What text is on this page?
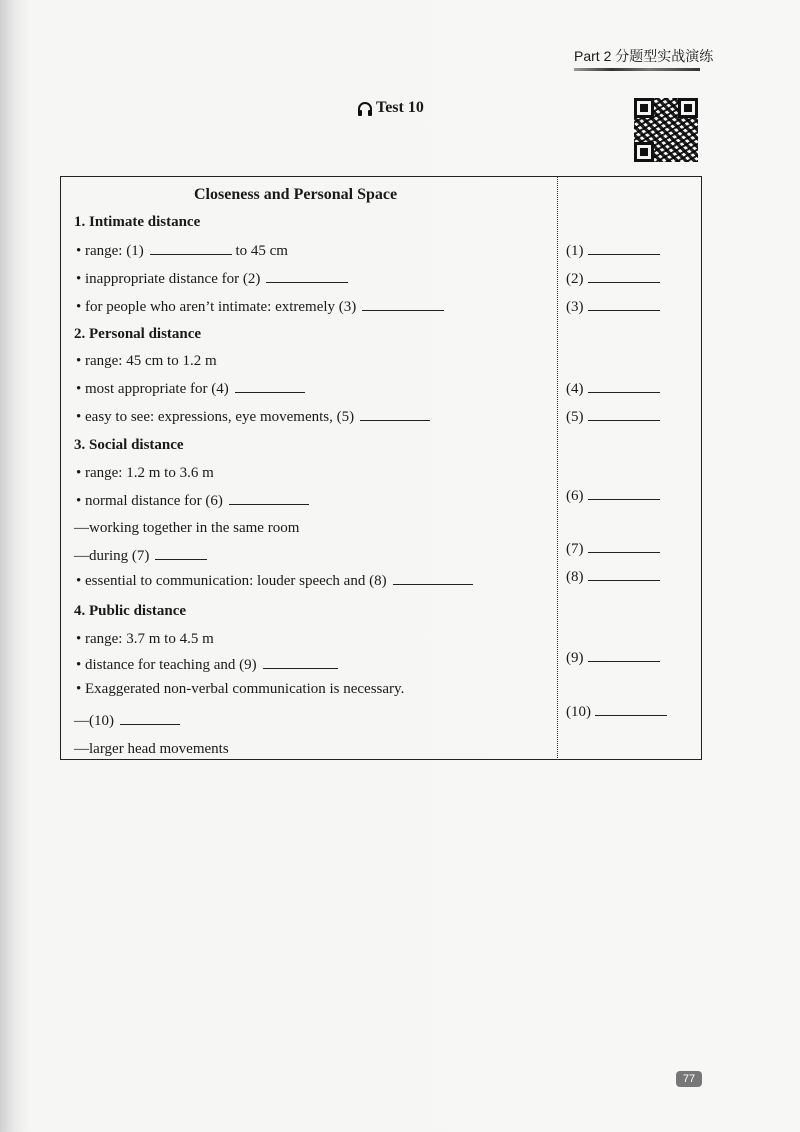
Part 2 分题型实战演练
Test 10
Closeness and Personal Space
1. Intimate distance
• range: (1)	to 45 cm
• inappropriate distance for (2)
• for people who aren’t intimate: extremely (3)
2. Personal distance
• range: 45 cm to 1.2 m
• most appropriate for (4)
• easy to see: expressions, eye movements, (5)
3. Social distance
• range: 1.2 m to 3.6 m
• normal distance for (6)
—working together in the same room
—during (7)
• essential to communication: louder speech and (8)
4. Public distance
• range: 3.7 m to 4.5 m
• distance for teaching and (9)
• Exaggerated non-verbal communication is necessary.
—(10)
—larger head movements
(1)
(2)
(3)
(4)
(5)
(6)
(7)
(8)
(9)
(10)
77
